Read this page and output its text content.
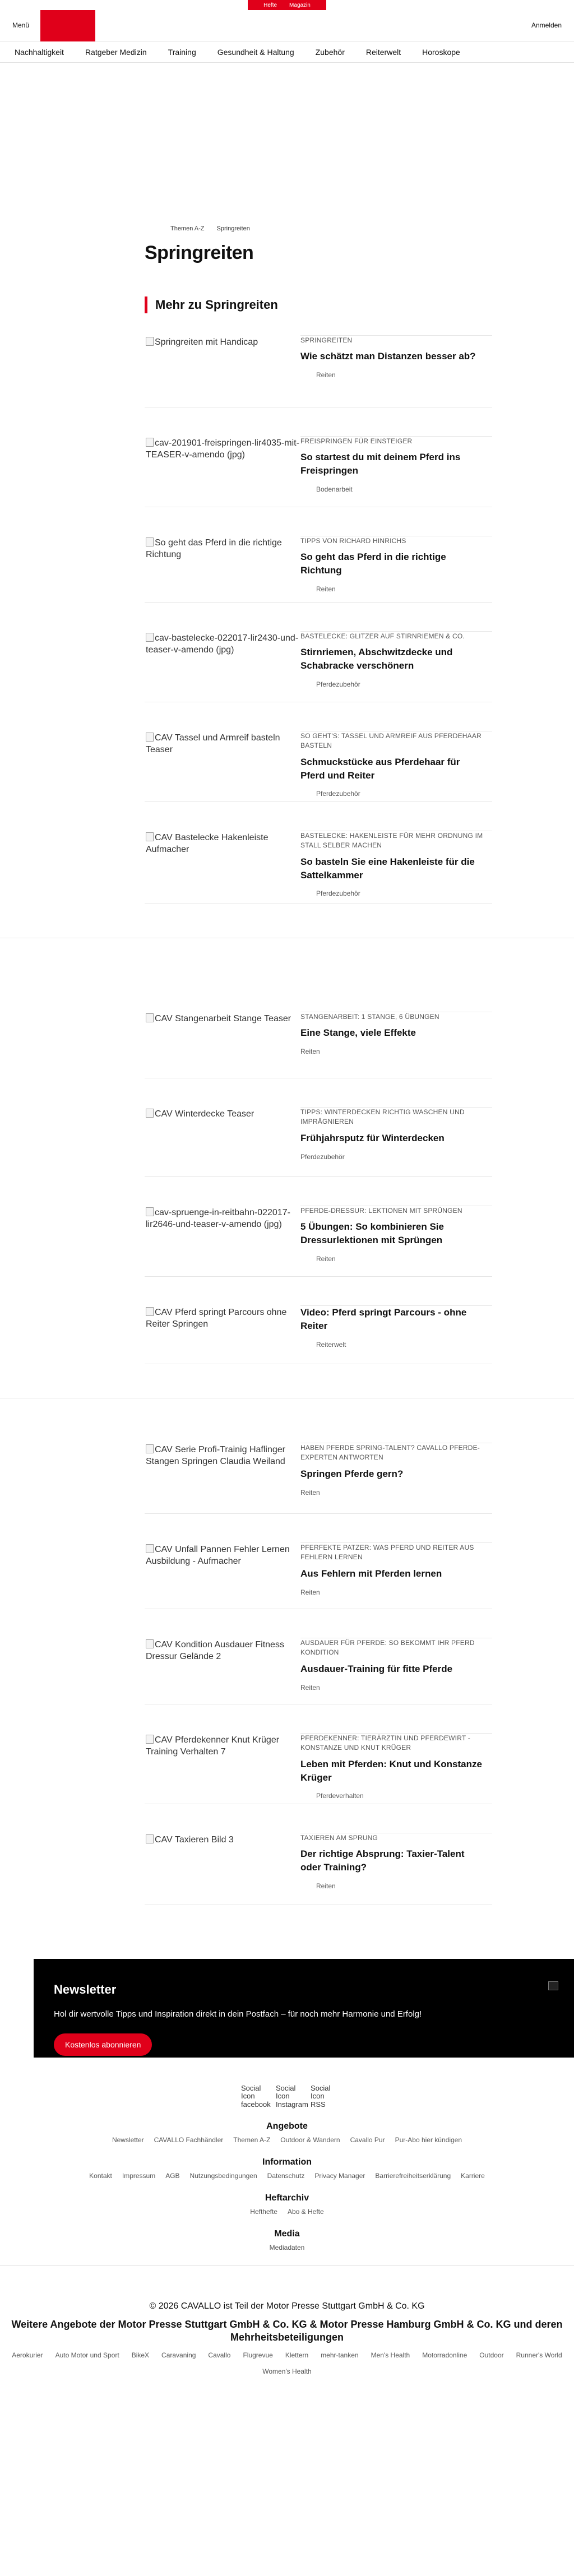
Hefte Magazin
Menü	Anmelden
Nachhaltigkeit	Ratgeber Medizin	Training	Gesundheit & Haltung	Zubehör	Reiterwelt	Horoskope
Themen A-Z Springreiten
Springreiten
Mehr zu Springreiten
Springreiten mit Handicap	SPRINGREITEN
Wie schätzt man Distanzen besser ab?
Reiten
cav-201901-freispringen-lir4035-mit-TEASER-v-amendo (jpg)
FREISPRINGEN FÜR EINSTEIGER
So startest du mit deinem Pferd ins Freispringen
Bodenarbeit
So geht das Pferd in die richtige Richtung
TIPPS VON RICHARD HINRICHS
So geht das Pferd in die richtige Richtung
Reiten
cav-bastelecke-022017-lir2430-und-teaser-v-amendo (jpg)
BASTELECKE: GLITZER AUF STIRNRIEMEN & CO.
Stirnriemen, Abschwitzdecke und Schabracke verschönern
Pferdezubehör
CAV Tassel und Armreif basteln Teaser
SO GEHT'S: TASSEL UND ARMREIF AUS PFERDEHAAR BASTELN
Schmuckstücke aus Pferdehaar für Pferd und Reiter
Pferdezubehör
CAV Bastelecke Hakenleiste Aufmacher
BASTELECKE: HAKENLEISTE FÜR MEHR ORDNUNG IM STALL SELBER MACHEN
So basteln Sie eine Hakenleiste für die Sattelkammer
Pferdezubehör
CAV Stangenarbeit Stange Teaser	STANGENARBEIT: 1 STANGE, 6 ÜBUNGEN
Eine Stange, viele Effekte
Reiten
CAV Winterdecke Teaser	TIPPS: WINTERDECKEN RICHTIG WASCHEN UND IMPRÄGNIEREN
Frühjahrsputz für Winterdecken
Pferdezubehör
cav-spruenge-in-reitbahn-022017-lir2646-und-teaser-v-amendo (jpg)
PFERDE-DRESSUR: LEKTIONEN MIT SPRÜNGEN
5 Übungen: So kombinieren Sie Dressurlektionen mit Sprüngen
Reiten
CAV Pferd springt Parcours ohne Reiter Springen
Video: Pferd springt Parcours - ohne Reiter
Reiterwelt
CAV Serie Profi-Trainig Haflinger Stangen Springen Claudia Weiland
HABEN PFERDE SPRING-TALENT? CAVALLO PFERDE-EXPERTEN ANTWORTEN
Springen Pferde gern?
Reiten
CAV Unfall Pannen Fehler Lernen Ausbildung - Aufmacher
PFERFEKTE PATZER: WAS PFERD UND REITER AUS FEHLERN LERNEN
Aus Fehlern mit Pferden lernen
Reiten
CAV Kondition Ausdauer Fitness Dressur Gelände 2
AUSDAUER FÜR PFERDE: SO BEKOMMT IHR PFERD KONDITION
Ausdauer-Training für fitte Pferde
Reiten
CAV Pferdekenner Knut Krüger Training Verhalten 7
PFERDEKENNER: TIERÄRZTIN UND PFERDEWIRT - KONSTANZE UND KNUT KRÜGER
Leben mit Pferden: Knut und Konstanze Krüger
Pferdeverhalten
CAV Taxieren Bild 3	TAXIEREN AM SPRUNG
Der richtige Absprung: Taxier-Talent oder Training?
Reiten
Newsletter

Hol dir wertvolle Tipps und Inspiration direkt in dein Postfach – für noch mehr Harmonie und Erfolg!

Kostenlos abonnieren
Social Icon facebook
Social Icon Instagram
Social Icon RSS
Angebote
Newsletter CAVALLO Fachhändler Themen A-Z Outdoor & Wandern Cavallo Pur Pur-Abo hier kündigen
Information
Kontakt Impressum AGB Nutzungsbedingungen Datenschutz Privacy Manager Barrierefreiheitserklärung Karriere
Heftarchiv
Hefthefte Abo & Hefte
Media
Mediadaten
© 2026 CAVALLO ist Teil der Motor Presse Stuttgart GmbH & Co. KG
Weitere Angebote der Motor Presse Stuttgart GmbH & Co. KG & Motor Presse Hamburg GmbH & Co. KG und deren Mehrheitsbeteiligungen
Aerokurier Auto Motor und Sport BikeX Caravaning Cavallo Flugrevue Klettern mehr-tanken Men's Health Motorradonline Outdoor Runner's World
Women's Health
